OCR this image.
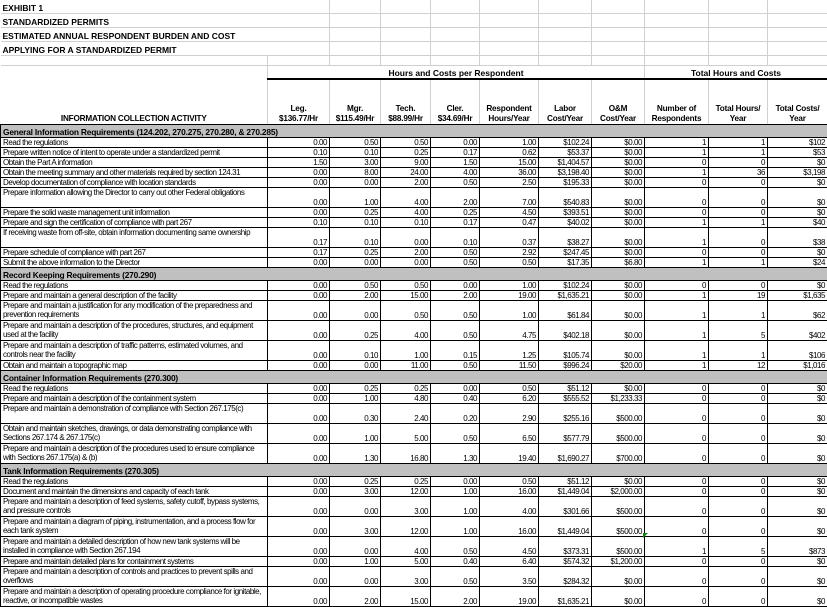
EXHIBIT 1										
STANDARDIZED PERMITS										
ESTIMATED ANNUAL RESPONDENT BURDEN AND COST										
APPLYING FOR A STANDARDIZED PERMIT										

	Hours and Costs per Respondent							Total Hours and Costs		
INFORMATION COLLECTION ACTIVITY	Leg. $136.77/Hr	Mgr. $115.49/Hr	Tech. $88.99/Hr	Cler. $34.69/Hr	Respondent Hours/Year	Labor Cost/Year	O&M Cost/Year	Number of Respondents	Total Hours/ Year	Total Costs/ Year
General Information Requirements (124.202, 270.275, 270.280, & 270.285)										
Read the regulations	0.00	0.50	0.50	0.00	1.00	$102.24	$0.00	1	1	$102
Prepare written notice of intent to operate under a standardized permit	0.10	0.10	0.25	0.17	0.62	$53.37	$0.00	1	1	$53
Obtain the Part A information	1.50	3.00	9.00	1.50	15.00	$1,404.57	$0.00	0	0	$0
Obtain the meeting summary and other materials required by section 124.31	0.00	8.00	24.00	4.00	36.00	$3,198.40	$0.00	1	36	$3,198
Develop documentation of compliance with location standards	0.00	0.00	2.00	0.50	2.50	$195.33	$0.00	0	0	$0
Prepare information allowing the Director to carry out other Federal obligations	0.00	1.00	4.00	2.00	7.00	$540.83	$0.00	0	0	$0
Prepare the solid waste management unit information	0.00	0.25	4.00	0.25	4.50	$393.51	$0.00	0	0	$0
Prepare and sign the certification of compliance with part 267	0.10	0.10	0.10	0.17	0.47	$40.02	$0.00	1	1	$40
If receiving waste from off-site, obtain information documenting same ownership	0.17	0.10	0.00	0.10	0.37	$38.27	$0.00	1	0	$38
Prepare schedule of compliance with part 267	0.17	0.25	2.00	0.50	2.92	$247.45	$0.00	0	0	$0
Submit the above information to the Director	0.00	0.00	0.00	0.50	0.50	$17.35	$6.80	1	1	$24
Record Keeping Requirements (270.290)										
Read the regulations	0.00	0.50	0.50	0.00	1.00	$102.24	$0.00	0	0	$0
Prepare and maintain a general description of the facility	0.00	2.00	15.00	2.00	19.00	$1,635.21	$0.00	1	19	$1,635
Prepare and maintain a justification for any modification of the preparedness and prevention requirements	0.00	0.00	0.50	0.50	1.00	$61.84	$0.00	1	1	$62
Prepare and maintain a description of the procedures, structures, and equipment used at the facility	0.00	0.25	4.00	0.50	4.75	$402.18	$0.00	1	5	$402
Prepare and maintain a description of traffic patterns, estimated volumes, and controls near the facility	0.00	0.10	1.00	0.15	1.25	$105.74	$0.00	1	1	$106
Obtain and maintain a topographic map	0.00	0.00	11.00	0.50	11.50	$996.24	$20.00	1	12	$1,016
Container Information Requirements (270.300)										
Read the regulations	0.00	0.25	0.25	0.00	0.50	$51.12	$0.00	0	0	$0
Prepare and maintain a description of the containment system	0.00	1.00	4.80	0.40	6.20	$555.52	$1,233.33	0	0	$0
Prepare and maintain a demonstration of compliance with Section 267.175(c)	0.00	0.30	2.40	0.20	2.90	$255.16	$500.00	0	0	$0
Obtain and maintain sketches, drawings, or data demonstrating compliance with Sections 267.174 & 267.175(c)	0.00	1.00	5.00	0.50	6.50	$577.79	$500.00	0	0	$0
Prepare and maintain a description of the procedures used to ensure compliance with Sections 267.175(a) & (b)	0.00	1.30	16.80	1.30	19.40	$1,690.27	$700.00	0	0	$0
Tank Information Requirements (270.305)										
Read the regulations	0.00	0.25	0.25	0.00	0.50	$51.12	$0.00	0	0	$0
Document and maintain the dimensions and capacity of each tank	0.00	3.00	12.00	1.00	16.00	$1,449.04	$2,000.00	0	0	$0
Prepare and maintain a description of feed systems, safety cutoff, bypass systems, and pressure controls	0.00	0.00	3.00	1.00	4.00	$301.66	$500.00	0	0	$0
Prepare and maintain a diagram of piping, instrumentation, and a process flow for each tank system	0.00	3.00	12.00	1.00	16.00	$1,449.04	$500.00	0	0	$0
Prepare and maintain a detailed description of how new tank systems will be installed in compliance with Section 267.194	0.00	0.00	4.00	0.50	4.50	$373.31	$500.00	1	5	$873
Prepare and maintain detailed plans for containment systems	0.00	1.00	5.00	0.40	6.40	$574.32	$1,200.00	0	0	$0
Prepare and maintain a description of controls and practices to prevent spills and overflows	0.00	0.00	3.00	0.50	3.50	$284.32	$0.00	0	0	$0
Prepare and maintain a description of operating procedure compliance for ignitable, reactive, or incompatible wastes	0.00	2.00	15.00	2.00	19.00	$1,635.21	$0.00	0	0	$0
